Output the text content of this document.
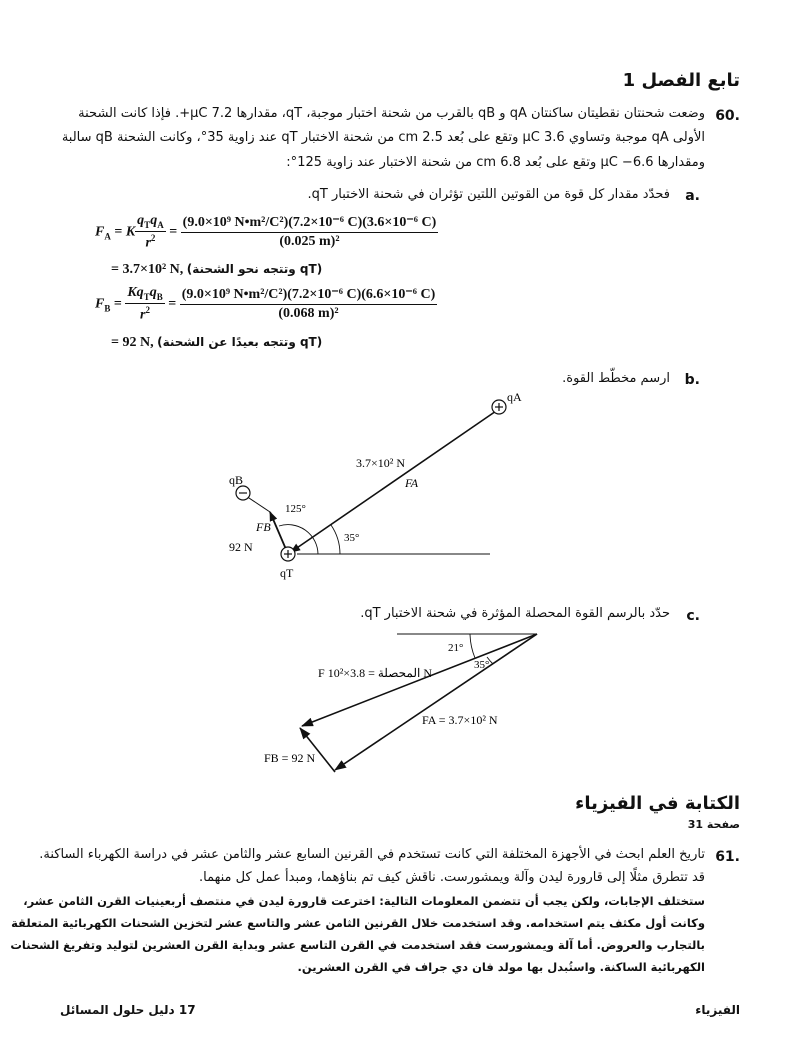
تابع الفصل 1
.60
وضعت شحنتان نقطيتان ساكنتان qA و qB بالقرب من شحنة اختبار موجبة، qT، مقدارها 7.2 µC+. فإذا كانت الشحنة
الأولى qA موجبة وتساوي 3.6 µC وتقع على بُعد 2.5 cm من شحنة الاختبار qT عند زاوية 35°، وكانت الشحنة qB سالبة
ومقدارها 6.6− µC وتقع على بُعد 6.8 cm من شحنة الاختبار عند زاوية 125°:
.a
فحدّد مقدار كل قوة من القوتين اللتين تؤثران في شحنة الاختبار qT.
$F_A = K \frac{q_Tq_A}{r^2} = \frac{\text{(9.0×10⁹ N•m²/C²)(7.2×10⁻⁶ C)(3.6×10⁻⁶ C)}}{\text{(0.025 m)²}}$
= 3.7×10² N, (وتتجه نحو الشحنة qT)
$F_B = \frac{Kq_Tq_B}{r^2} = \frac{\text{(9.0×10⁹ N•m²/C²)(7.2×10⁻⁶ C)(6.6×10⁻⁶ C)}}{\text{(0.068 m)²}}$
= 92 N, (وتتجه بعيدًا عن الشحنة qT)
.b
ارسم مخطّط القوة.
qA
qB
qT
3.7×10² N
FA
FB
92 N
125°
35°
.c
حدّد بالرسم القوة المحصلة المؤثرة في شحنة الاختبار qT.
21°
35°
F المحصلة = 3.8×10² N
FA = 3.7×10² N
FB = 92 N
الكتابة في الفيزياء
صفحة 31
.61
تاريخ العلم ابحث في الأجهزة المختلفة التي كانت تستخدم في القرنين السابع عشر والثامن عشر في دراسة الكهرباء الساكنة.
قد تتطرق مثلًا إلى قارورة ليدن وآلة ويمشورست. ناقش كيف تم بناؤهما، ومبدأ عمل كل منهما.
ستختلف الإجابات، ولكن يجب أن تتضمن المعلومات التالية: اخترعت قارورة ليدن في منتصف أربعينيات القرن الثامن عشر،
وكانت أول مكثف يتم استخدامه. وقد استخدمت خلال القرنين الثامن عشر والتاسع عشر لتخزين الشحنات الكهربائية المتعلقة
بالتجارب والعروض. أما آلة ويمشورست فقد استخدمت في القرن التاسع عشر وبداية القرن العشرين لتوليد وتفريغ الشحنات
الكهربائية الساكنة. واستُبدل بها مولد فان دي جراف في القرن العشرين.
17 دليل حلول المسائل	الفيزياء
